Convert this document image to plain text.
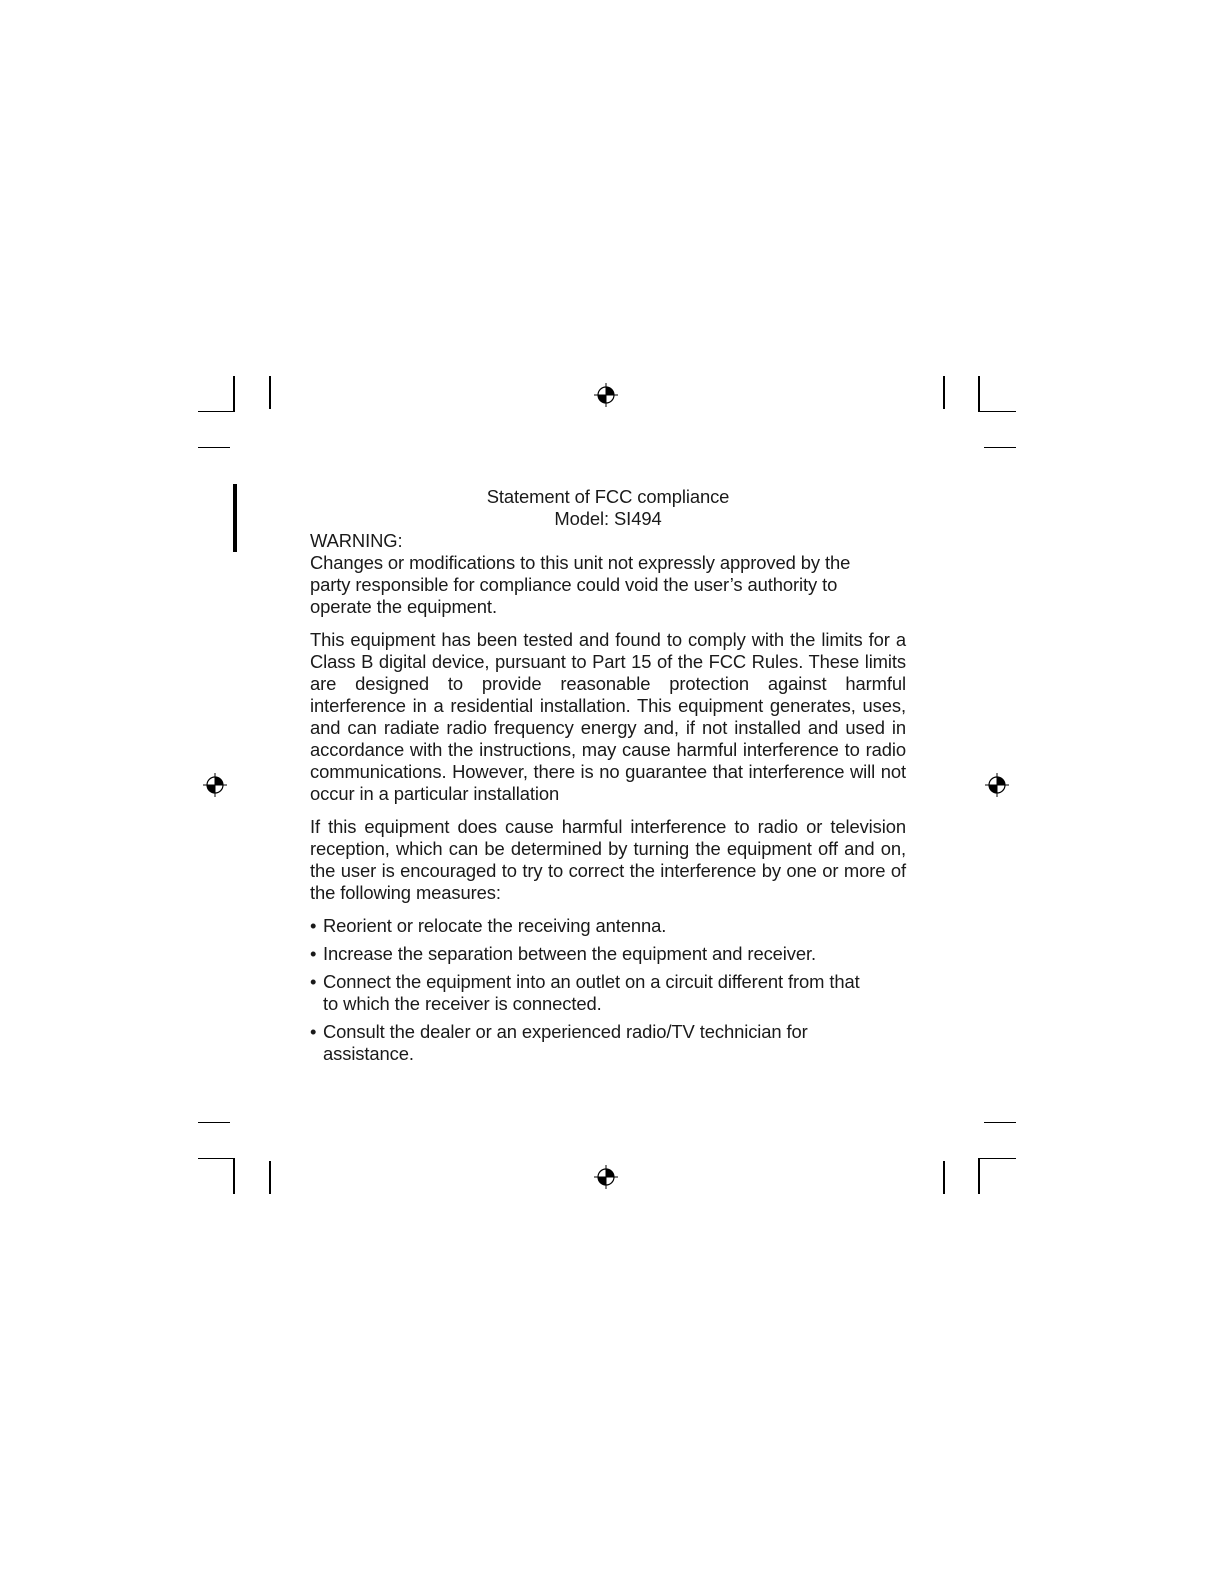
Statement of FCC compliance

Model: SI494

WARNING:

Changes or modifications to this unit not expressly approved by the party responsible for compliance could void the user’s authority to operate the equipment.

This equipment has been tested and found to comply with the limits for a Class B digital device, pursuant to Part 15 of the FCC Rules. These limits are designed to provide reasonable protection against harmful interference in a residential installation. This equipment generates, uses, and can radiate radio frequency energy and, if not installed and used in accordance with the instructions, may cause harmful interference to radio communications. However, there is no guarantee that interference will not occur in a particular installation

If this equipment does cause harmful interference to radio or television reception, which can be determined by turning the equipment off and on, the user is encouraged to try to correct the interference by one or more of the following measures:

• Reorient or relocate the receiving antenna.
• Increase the separation between the equipment and receiver.
• Connect the equipment into an outlet on a circuit different from that to which the receiver is connected.
• Consult the dealer or an experienced radio/TV technician for assistance.
